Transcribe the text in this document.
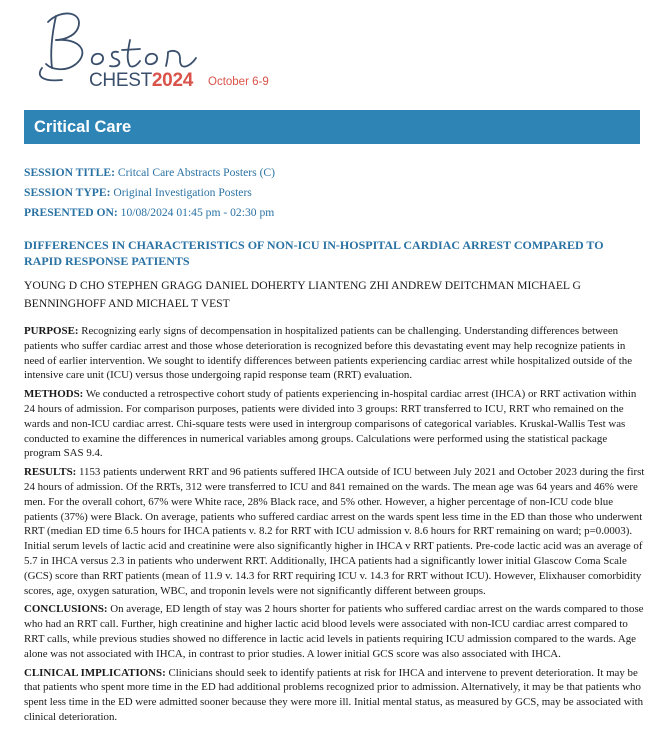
CHEST2024 October 6-9
Critical Care
SESSION TITLE: Critcal Care Abstracts Posters (C)
SESSION TYPE: Original Investigation Posters
PRESENTED ON: 10/08/2024 01:45 pm - 02:30 pm
DIFFERENCES IN CHARACTERISTICS OF NON-ICU IN-HOSPITAL CARDIAC ARREST COMPARED TO RAPID RESPONSE PATIENTS
YOUNG D CHO STEPHEN GRAGG DANIEL DOHERTY LIANTENG ZHI ANDREW DEITCHMAN MICHAEL G BENNINGHOFF AND MICHAEL T VEST

PURPOSE: Recognizing early signs of decompensation in hospitalized patients can be challenging. Understanding differences between patients who suffer cardiac arrest and those whose deterioration is recognized before this devastating event may help recognize patients in need of earlier intervention. We sought to identify differences between patients experiencing cardiac arrest while hospitalized outside of the intensive care unit (ICU) versus those undergoing rapid response team (RRT) evaluation.

METHODS: We conducted a retrospective cohort study of patients experiencing in-hospital cardiac arrest (IHCA) or RRT activation within 24 hours of admission. For comparison purposes, patients were divided into 3 groups: RRT transferred to ICU, RRT who remained on the wards and non-ICU cardiac arrest. Chi-square tests were used in intergroup comparisons of categorical variables. Kruskal-Wallis Test was conducted to examine the differences in numerical variables among groups. Calculations were performed using the statistical package program SAS 9.4.

RESULTS: 1153 patients underwent RRT and 96 patients suffered IHCA outside of ICU between July 2021 and October 2023 during the first 24 hours of admission. Of the RRTs, 312 were transferred to ICU and 841 remained on the wards. The mean age was 64 years and 46% were men. For the overall cohort, 67% were White race, 28% Black race, and 5% other. However, a higher percentage of non-ICU code blue patients (37%) were Black. On average, patients who suffered cardiac arrest on the wards spent less time in the ED than those who underwent RRT (median ED time 6.5 hours for IHCA patients v. 8.2 for RRT with ICU admission v. 8.6 hours for RRT remaining on ward; p=0.0003). Initial serum levels of lactic acid and creatinine were also significantly higher in IHCA v RRT patients. Pre-code lactic acid was an average of 5.7 in IHCA versus 2.3 in patients who underwent RRT. Additionally, IHCA patients had a significantly lower initial Glascow Coma Scale (GCS) score than RRT patients (mean of 11.9 v. 14.3 for RRT requiring ICU v. 14.3 for RRT without ICU). However, Elixhauser comorbidity scores, age, oxygen saturation, WBC, and troponin levels were not significantly different between groups.

CONCLUSIONS: On average, ED length of stay was 2 hours shorter for patients who suffered cardiac arrest on the wards compared to those who had an RRT call. Further, high creatinine and higher lactic acid blood levels were associated with non-ICU cardiac arrest compared to RRT calls, while previous studies showed no difference in lactic acid levels in patients requiring ICU admission compared to the wards. Age alone was not associated with IHCA, in contrast to prior studies. A lower initial GCS score was also associated with IHCA.

CLINICAL IMPLICATIONS: Clinicians should seek to identify patients at risk for IHCA and intervene to prevent deterioration. It may be that patients who spent more time in the ED had additional problems recognized prior to admission. Alternatively, it may be that patients who spent less time in the ED were admitted sooner because they were more ill. Initial mental status, as measured by GCS, may be associated with clinical deterioration.
